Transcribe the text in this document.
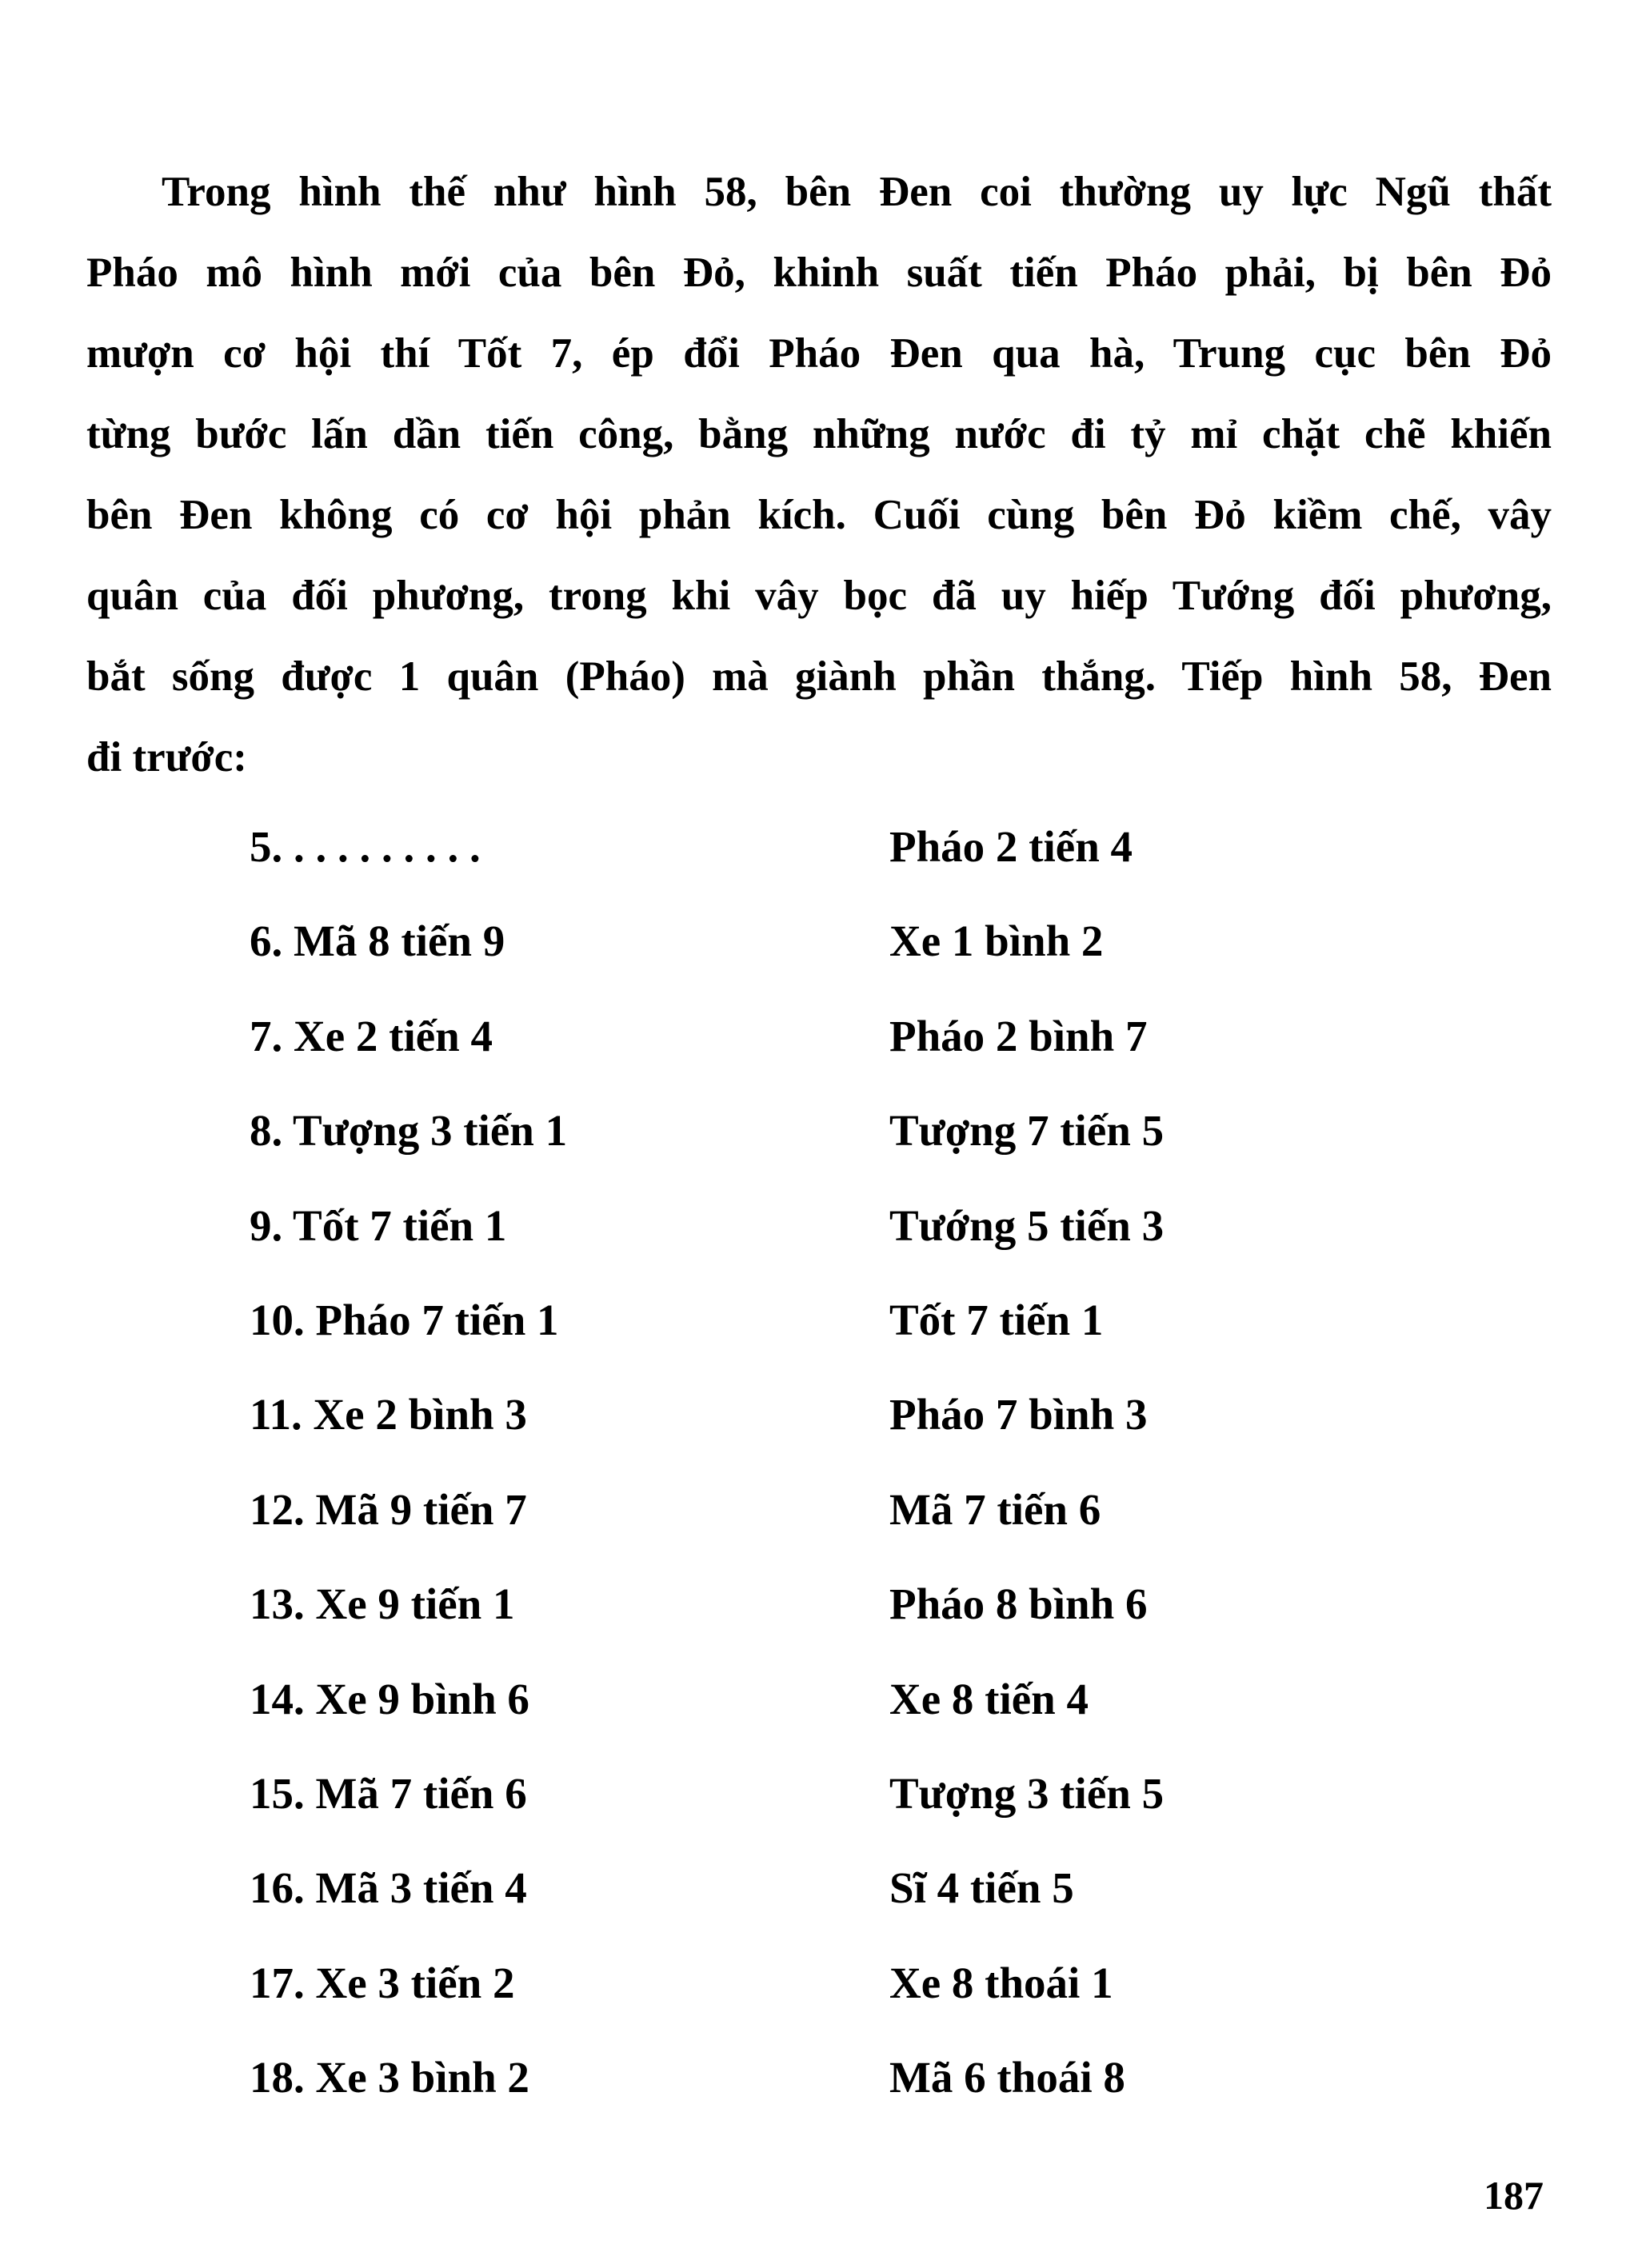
Trong hình thế như hình 58, bên Đen coi thường uy lực Ngũ thất
Pháo mô hình mới của bên Đỏ, khinh suất tiến Pháo phải, bị bên Đỏ
mượn cơ hội thí Tốt 7, ép đổi Pháo Đen qua hà, Trung cục bên Đỏ
từng bước lấn dần tiến công, bằng những nước đi tỷ mỉ chặt chẽ khiến
bên Đen không có cơ hội phản kích. Cuối cùng bên Đỏ kiềm chế, vây
quân của đối phương, trong khi vây bọc đã uy hiếp Tướng đối phương,
bắt sống được 1 quân (Pháo) mà giành phần thắng. Tiếp hình 58, Đen
đi trước:
5. . . . . . . . . .	Pháo 2 tiến 4
6. Mã 8 tiến 9	Xe 1 bình 2
7. Xe 2 tiến 4	Pháo 2 bình 7
8. Tượng 3 tiến 1	Tượng 7 tiến 5
9. Tốt 7 tiến 1	Tướng 5 tiến 3
10. Pháo 7 tiến 1	Tốt 7 tiến 1
11. Xe 2 bình 3	Pháo 7 bình 3
12. Mã 9 tiến 7	Mã 7 tiến 6
13. Xe 9 tiến 1	Pháo 8 bình 6
14. Xe 9 bình 6	Xe 8 tiến 4
15. Mã 7 tiến 6	Tượng 3 tiến 5
16. Mã 3 tiến 4	Sĩ 4 tiến 5
17. Xe 3 tiến 2	Xe 8 thoái 1
18. Xe 3 bình 2	Mã 6 thoái 8
187
